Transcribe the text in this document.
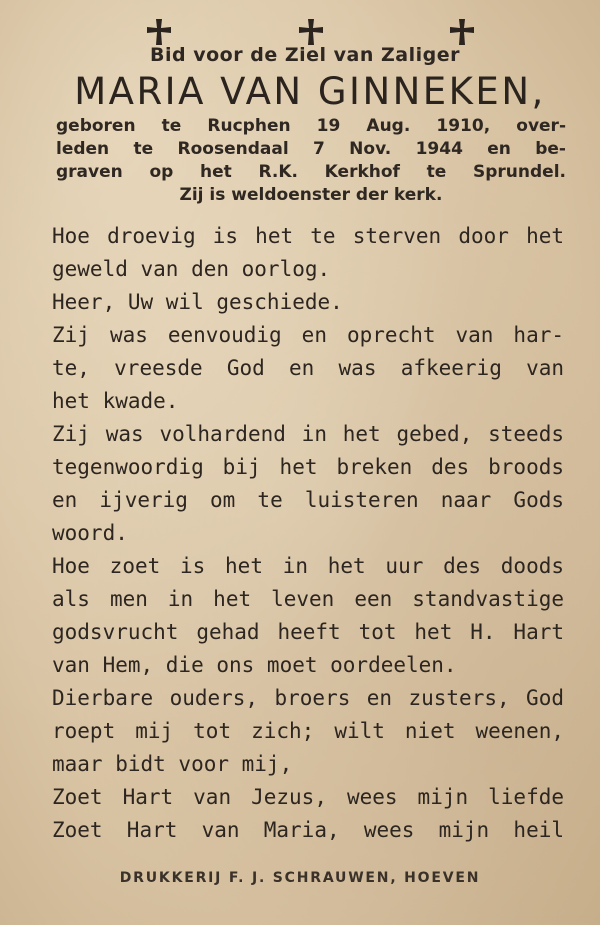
Bid voor de Ziel van Zaliger
MARIA VAN GINNEKEN,
geboren te Rucphen 19 Aug. 1910, over-
leden te Roosendaal 7 Nov. 1944 en be-
graven op het R.K. Kerkhof te Sprundel.
Zij is weldoenster der kerk.
Hoe droevig is het te sterven door het
geweld van den oorlog.
Heer, Uw wil geschiede.
Zij was eenvoudig en oprecht van har-
te, vreesde God en was afkeerig van
het kwade.
Zij was volhardend in het gebed, steeds
tegenwoordig bij het breken des broods
en ijverig om te luisteren naar Gods
woord.
Hoe zoet is het in het uur des doods
als men in het leven een standvastige
godsvrucht gehad heeft tot het H. Hart
van Hem, die ons moet oordeelen.
Dierbare ouders, broers en zusters, God
roept mij tot zich; wilt niet weenen,
maar bidt voor mij,
Zoet Hart van Jezus, wees mijn liefde
Zoet Hart van Maria, wees mijn heil
DRUKKERIJ F. J. SCHRAUWEN, HOEVEN
